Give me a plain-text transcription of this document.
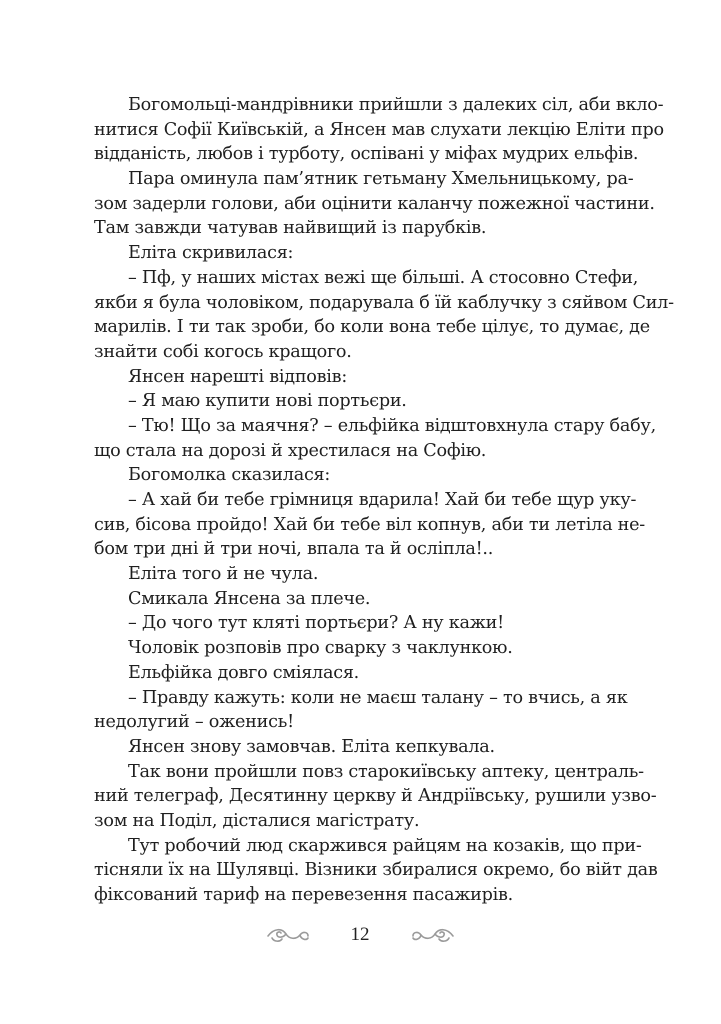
Богомольці-мандрівники прийшли з далеких сіл, аби вкло-
нитися Софії Київській, а Янсен мав слухати лекцію Еліти про
відданість, любов і турботу, оспівані у міфах мудрих ельфів.
Пара оминула пам’ятник гетьману Хмельницькому, ра-
зом задерли голови, аби оцінити каланчу пожежної частини.
Там завжди чатував найвищий із парубків.
Еліта скривилася:
– Пф, у наших містах вежі ще більші. А стосовно Стефи,
якби я була чоловіком, подарувала б їй каблучку з сяйвом Сил-
марилів. І ти так зроби, бо коли вона тебе цілує, то думає, де
знайти собі когось кращого.
Янсен нарешті відповів:
– Я маю купити нові портьєри.
– Тю! Що за маячня? – ельфійка відштовхнула стару бабу,
що стала на дорозі й хрестилася на Софію.
Богомолка сказилася:
– А хай би тебе грімниця вдарила! Хай би тебе щур уку-
сив, бісова пройдо! Хай би тебе віл копнув, аби ти летіла не-
бом три дні й три ночі, впала та й осліпла!..
Еліта того й не чула.
Смикала Янсена за плече.
– До чого тут кляті портьєри? А ну кажи!
Чоловік розповів про сварку з чаклункою.
Ельфійка довго сміялася.
– Правду кажуть: коли не маєш талану – то вчись, а як
недолугий – оженись!
Янсен знову замовчав. Еліта кепкувала.
Так вони пройшли повз старокиївську аптеку, централь-
ний телеграф, Десятинну церкву й Андріївську, рушили узво-
зом на Поділ, дісталися магістрату.
Тут робочий люд скаржився райцям на козаків, що при-
тісняли їх на Шулявці. Візники збиралися окремо, бо війт дав
фіксований тариф на перевезення пасажирів.
12
